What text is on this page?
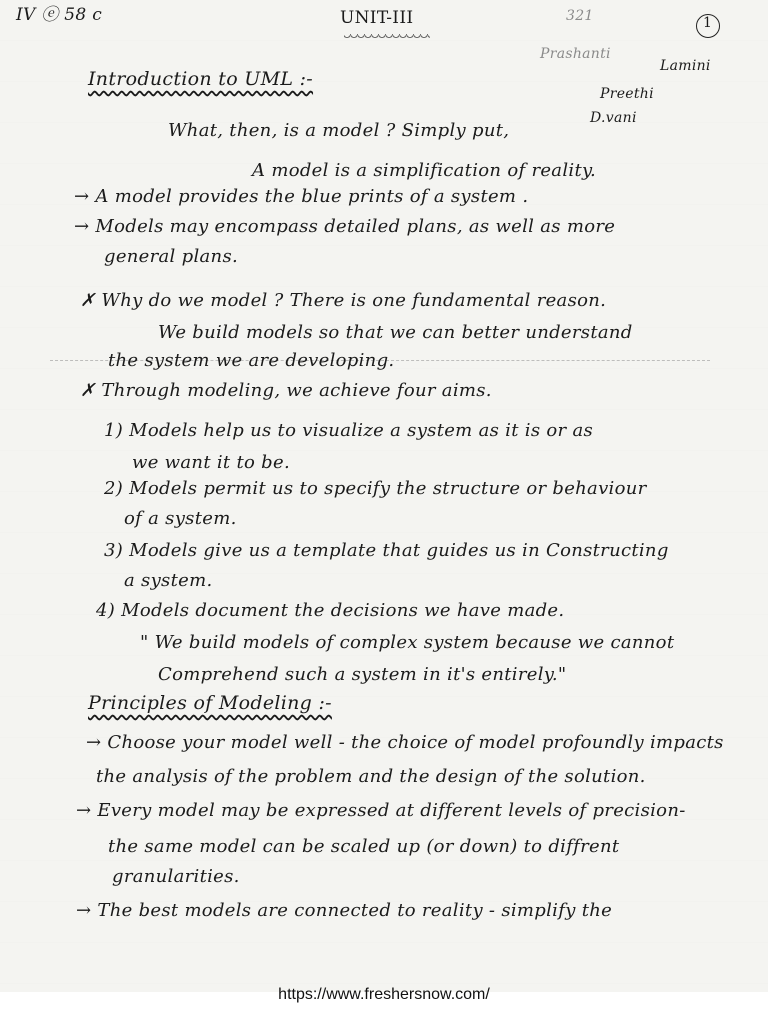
IV ⓔ 58 c	UNIT-III	321
Prashanti
1
Lamini
Preethi
D.vani
Introduction to UML :-
What, then, is a model ? Simply put,
A model is a simplification of reality.
→ A model provides the blue prints of a system .
→ Models may encompass detailed plans, as well as more
general plans.
✗ Why do we model ? There is one fundamental reason.
We build models so that we can better understand
the system we are developing.
✗ Through modeling, we achieve four aims.
1) Models help us to visualize a system as it is or as
we want it to be.
2) Models permit us to specify the structure or behaviour
of a system.
3) Models give us a template that guides us in Constructing
a system.
4) Models document the decisions we have made.
" We build models of complex system because we cannot
Comprehend such a system in it's entirely."
Principles of Modeling :-
→ Choose your model well - the choice of model profoundly impacts
the analysis of the problem and the design of the solution.
→ Every model may be expressed at different levels of precision-
the same model can be scaled up (or down) to diffrent
granularities.
→ The best models are connected to reality - simplify the
https://www.freshersnow.com/
